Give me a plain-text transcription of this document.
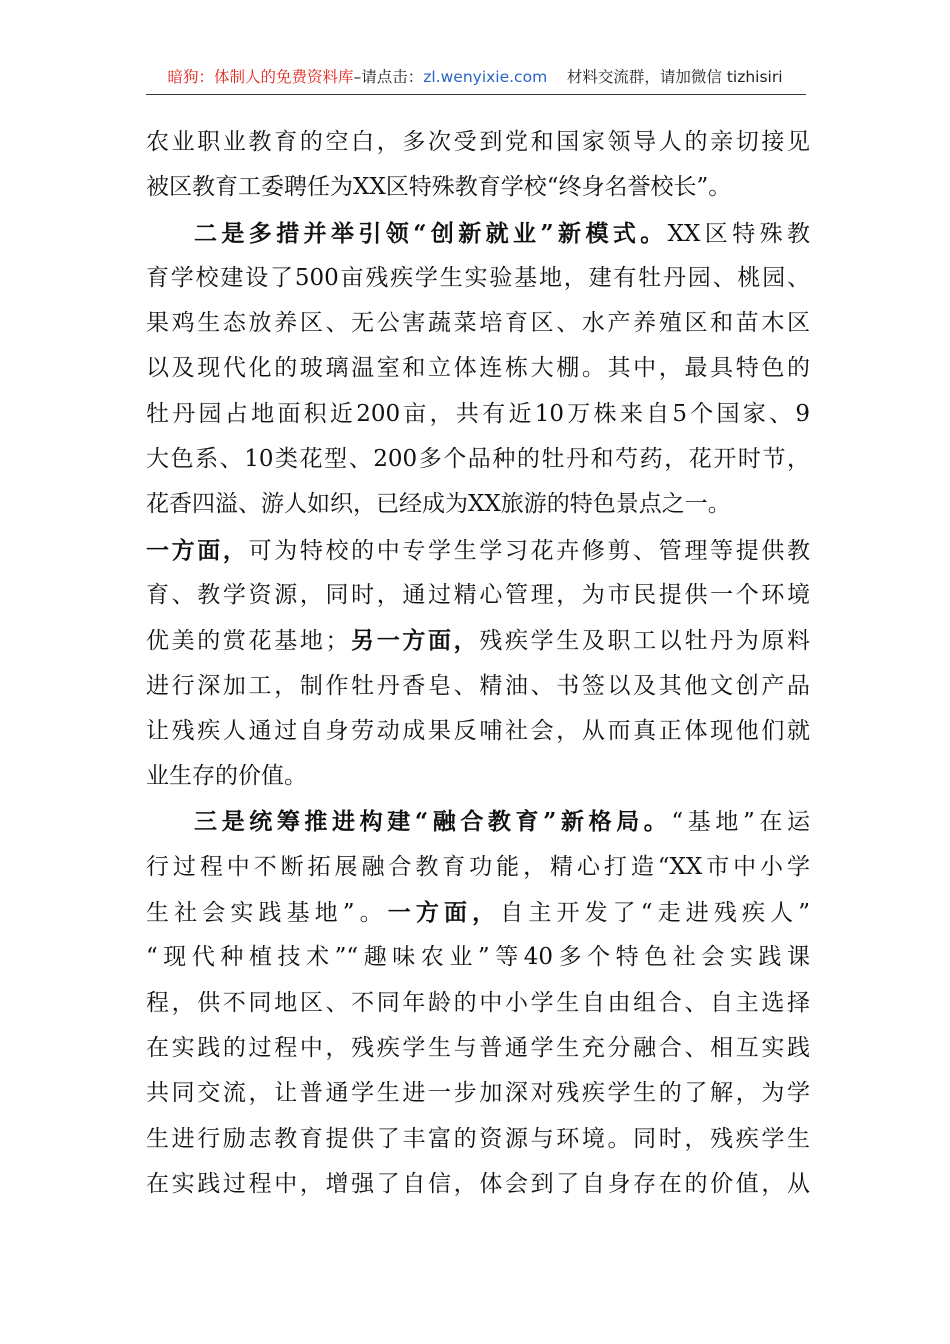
暗狗：体制人的免费资料库–请点击：zl.wenyixie.com 材料交流群，请加微信 tizhisiri
农业职业教育的空白，多次受到党和国家领导人的亲切接见
被区教育工委聘任为XX区特殊教育学校“终身名誉校长”。
二是多措并举引领“创新就业”新模式。XX区特殊教
育学校建设了500亩残疾学生实验基地，建有牡丹园、桃园、
果鸡生态放养区、无公害蔬菜培育区、水产养殖区和苗木区
以及现代化的玻璃温室和立体连栋大棚。其中，最具特色的
牡丹园占地面积近200亩，共有近10万株来自5个国家、9
大色系、10类花型、200多个品种的牡丹和芍药，花开时节，
花香四溢、游人如织，已经成为XX旅游的特色景点之一。
一方面，可为特校的中专学生学习花卉修剪、管理等提供教
育、教学资源，同时，通过精心管理，为市民提供一个环境
优美的赏花基地；另一方面，残疾学生及职工以牡丹为原料
进行深加工，制作牡丹香皂、精油、书签以及其他文创产品
让残疾人通过自身劳动成果反哺社会，从而真正体现他们就
业生存的价值。
三是统筹推进构建“融合教育”新格局。“基地”在运
行过程中不断拓展融合教育功能，精心打造“XX市中小学
生社会实践基地”。一方面，自主开发了“走进残疾人”
“现代种植技术”“趣味农业”等40多个特色社会实践课
程，供不同地区、不同年龄的中小学生自由组合、自主选择
在实践的过程中，残疾学生与普通学生充分融合、相互实践
共同交流，让普通学生进一步加深对残疾学生的了解，为学
生进行励志教育提供了丰富的资源与环境。同时，残疾学生
在实践过程中，增强了自信，体会到了自身存在的价值，从
